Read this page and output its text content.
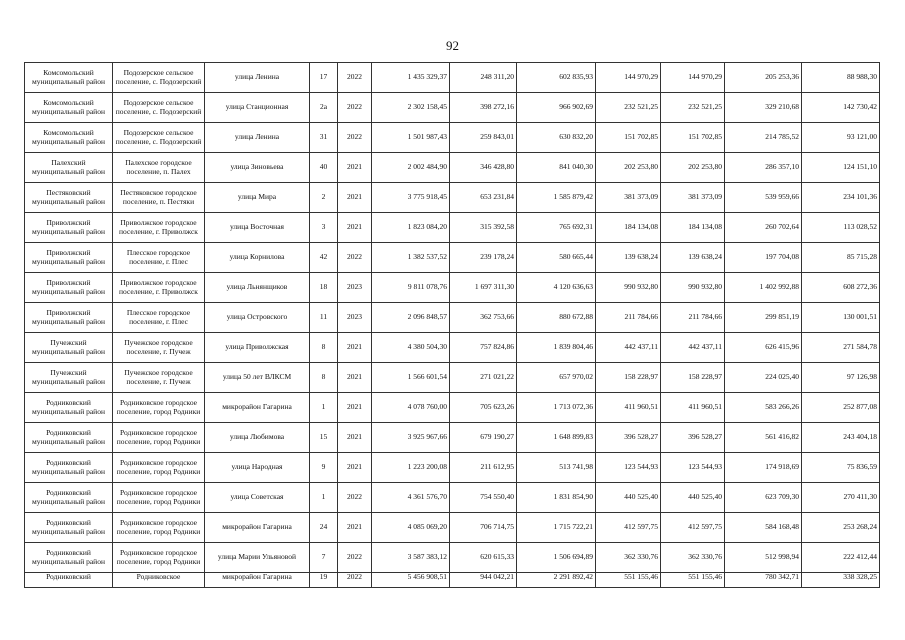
92
Комсомольский муниципальный район	Подозерское сельское поселение, с. Подозерский	улица Ленина	17	2022	1 435 329,37	248 311,20	602 835,93	144 970,29	144 970,29	205 253,36	88 988,30
Комсомольский муниципальный район	Подозерское сельское поселение, с. Подозерский	улица Станционная	2а	2022	2 302 158,45	398 272,16	966 902,69	232 521,25	232 521,25	329 210,68	142 730,42
Комсомольский муниципальный район	Подозерское сельское поселение, с. Подозерский	улица Ленина	31	2022	1 501 987,43	259 843,01	630 832,20	151 702,85	151 702,85	214 785,52	93 121,00
Палехский муниципальный район	Палехское городское поселение, п. Палех	улица Зиновьева	40	2021	2 002 484,90	346 428,80	841 040,30	202 253,80	202 253,80	286 357,10	124 151,10
Пестяковский муниципальный район	Пестяковское городское поселение, п. Пестяки	улица Мира	2	2021	3 775 918,45	653 231,84	1 585 879,42	381 373,09	381 373,09	539 959,66	234 101,36
Приволжский муниципальный район	Приволжское городское поселение, г. Приволжск	улица Восточная	3	2021	1 823 084,20	315 392,58	765 692,31	184 134,08	184 134,08	260 702,64	113 028,52
Приволжский муниципальный район	Плесское городское поселение, г. Плес	улица Корнилова	42	2022	1 382 537,52	239 178,24	580 665,44	139 638,24	139 638,24	197 704,08	85 715,28
Приволжский муниципальный район	Приволжское городское поселение, г. Приволжск	улица Льнянщиков	18	2023	9 811 078,76	1 697 311,30	4 120 636,63	990 932,80	990 932,80	1 402 992,88	608 272,36
Приволжский муниципальный район	Плесское городское поселение, г. Плес	улица Островского	11	2023	2 096 848,57	362 753,66	880 672,88	211 784,66	211 784,66	299 851,19	130 001,51
Пучежский муниципальный район	Пучежское городское поселение, г. Пучеж	улица Приволжская	8	2021	4 380 504,30	757 824,86	1 839 804,46	442 437,11	442 437,11	626 415,96	271 584,78
Пучежский муниципальный район	Пучежское городское поселение, г. Пучеж	улица 50 лет ВЛКСМ	8	2021	1 566 601,54	271 021,22	657 970,02	158 228,97	158 228,97	224 025,40	97 126,98
Родниковский муниципальный район	Родниковское городское поселение, город Родники	микрорайон Гагарина	1	2021	4 078 760,00	705 623,26	1 713 072,36	411 960,51	411 960,51	583 266,26	252 877,08
Родниковский муниципальный район	Родниковское городское поселение, город Родники	улица Любимова	15	2021	3 925 967,66	679 190,27	1 648 899,83	396 528,27	396 528,27	561 416,82	243 404,18
Родниковский муниципальный район	Родниковское городское поселение, город Родники	улица Народная	9	2021	1 223 200,08	211 612,95	513 741,98	123 544,93	123 544,93	174 918,69	75 836,59
Родниковский муниципальный район	Родниковское городское поселение, город Родники	улица Советская	1	2022	4 361 576,70	754 550,40	1 831 854,90	440 525,40	440 525,40	623 709,30	270 411,30
Родниковский муниципальный район	Родниковское городское поселение, город Родники	микрорайон Гагарина	24	2021	4 085 069,20	706 714,75	1 715 722,21	412 597,75	412 597,75	584 168,48	253 268,24
Родниковский муниципальный район	Родниковское городское поселение, город Родники	улица Марии Ульяновой	7	2022	3 587 383,12	620 615,33	1 506 694,89	362 330,76	362 330,76	512 998,94	222 412,44
Родниковский	Родниковское	микрорайон Гагарина	19	2022	5 456 908,51	944 042,21	2 291 892,42	551 155,46	551 155,46	780 342,71	338 328,25
